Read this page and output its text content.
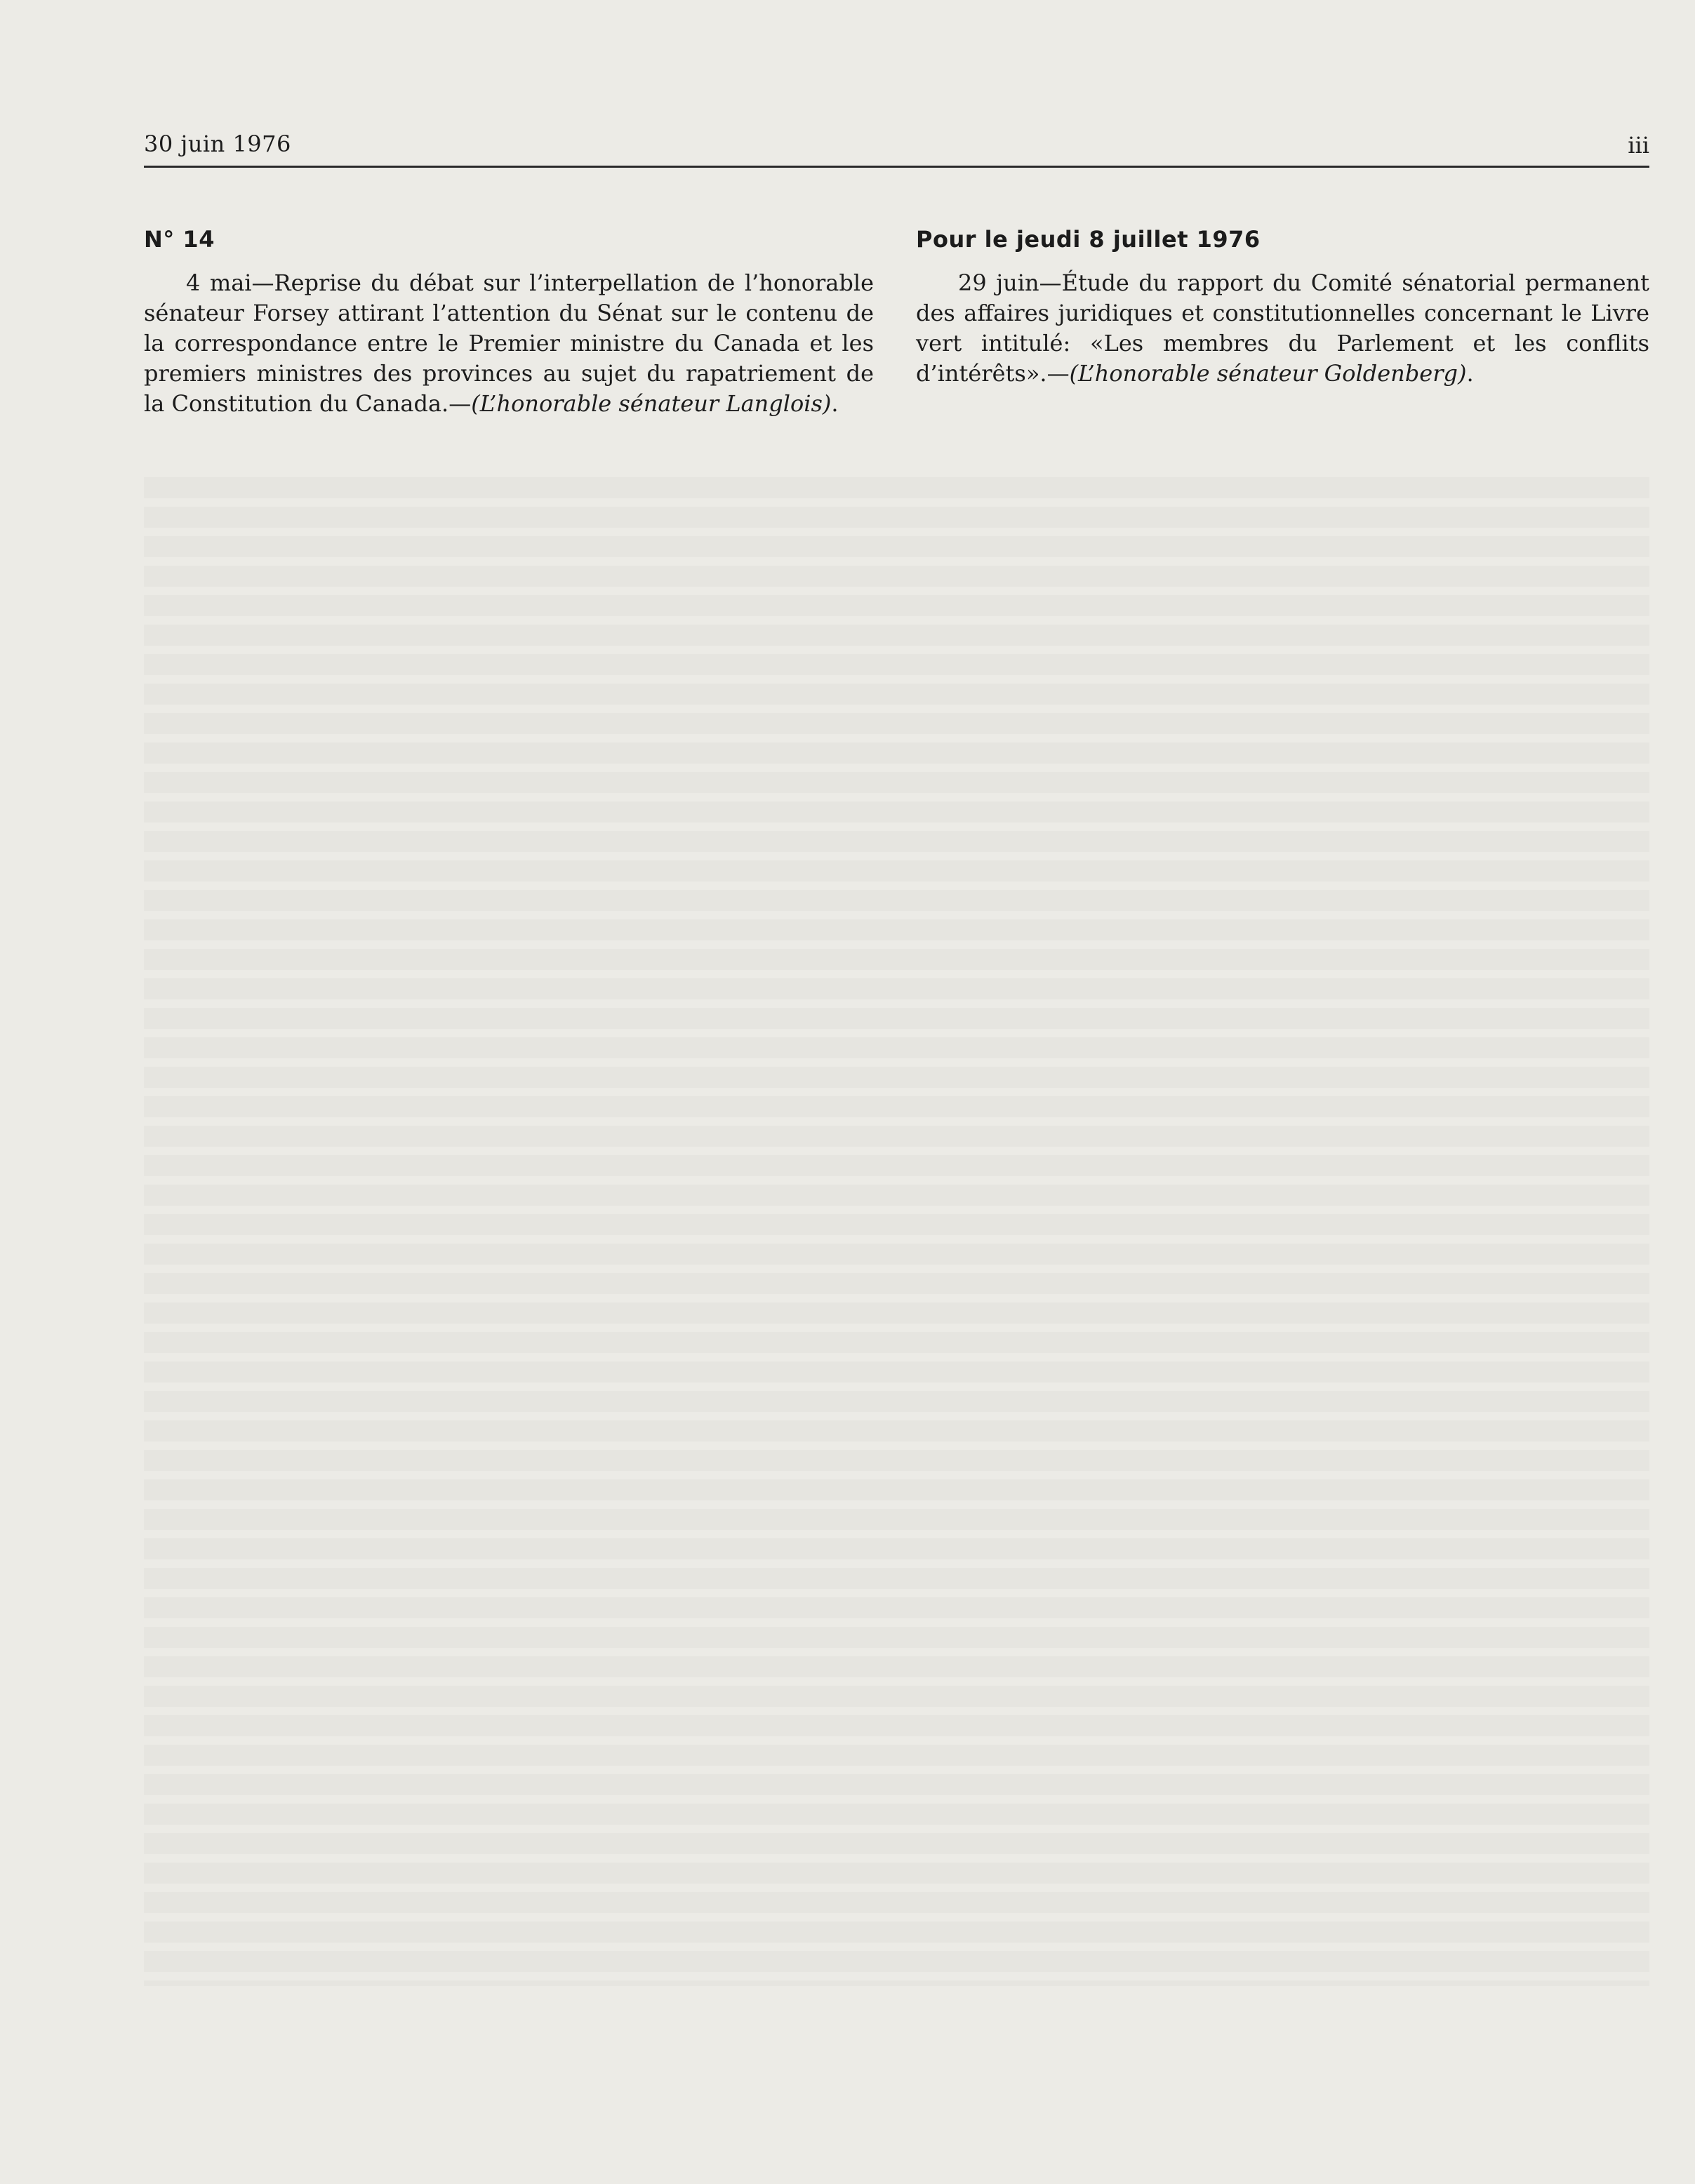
30 juin 1976	iii
N° 14

4 mai—Reprise du débat sur l’interpellation de l’honorable sénateur Forsey attirant l’attention du Sénat sur le contenu de la correspondance entre le Premier ministre du Canada et les premiers ministres des provinces au sujet du rapatriement de la Constitution du Canada.—(L’honorable sénateur Langlois).

Pour le jeudi 8 juillet 1976

29 juin—Étude du rapport du Comité sénatorial permanent des affaires juridiques et constitutionnelles concernant le Livre vert intitulé: «Les membres du Parlement et les conflits d’intérêts».—(L’honorable sénateur Goldenberg).
